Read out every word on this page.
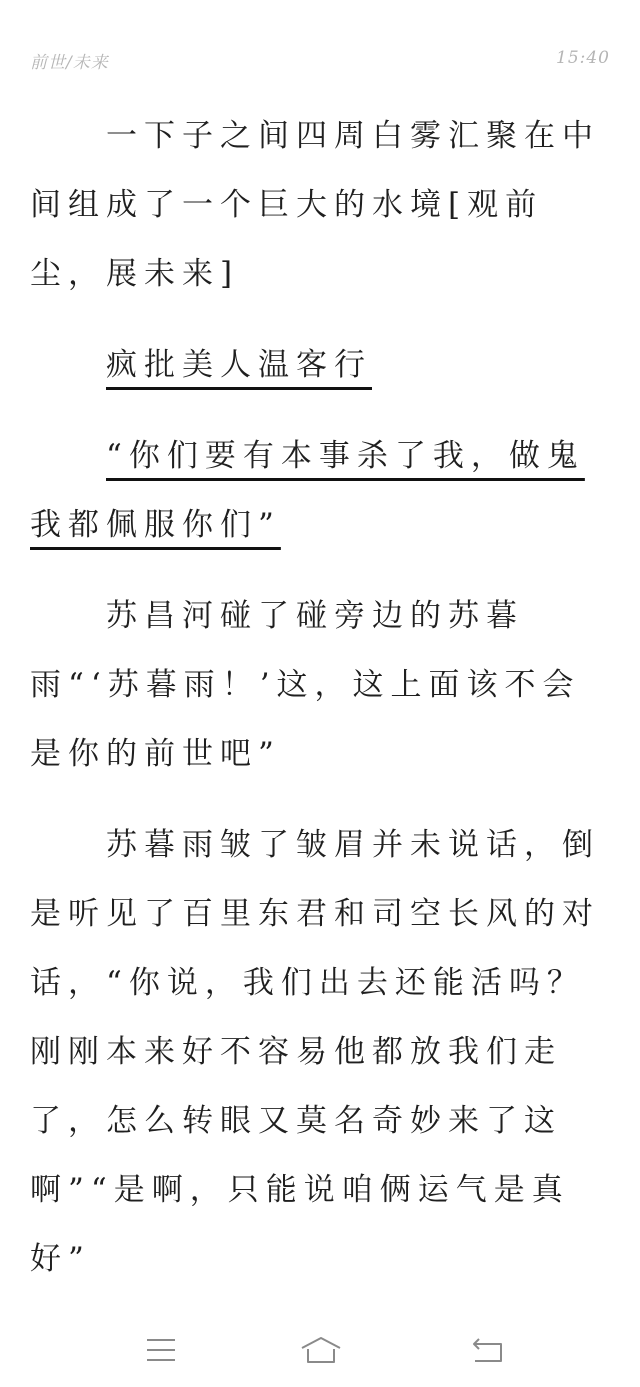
前世/未来	15:40

一下子之间四周白雾汇聚在中间组成了一个巨大的水境[观前尘，展未来]

疯批美人温客行

“你们要有本事杀了我，做鬼我都佩服你们”

苏昌河碰了碰旁边的苏暮雨“‘苏暮雨！’这，这上面该不会是你的前世吧”

苏暮雨皱了皱眉并未说话，倒是听见了百里东君和司空长风的对话，“你说，我们出去还能活吗？刚刚本来好不容易他都放我们走了，怎么转眼又莫名奇妙来了这啊”“是啊，只能说咱俩运气是真好”
